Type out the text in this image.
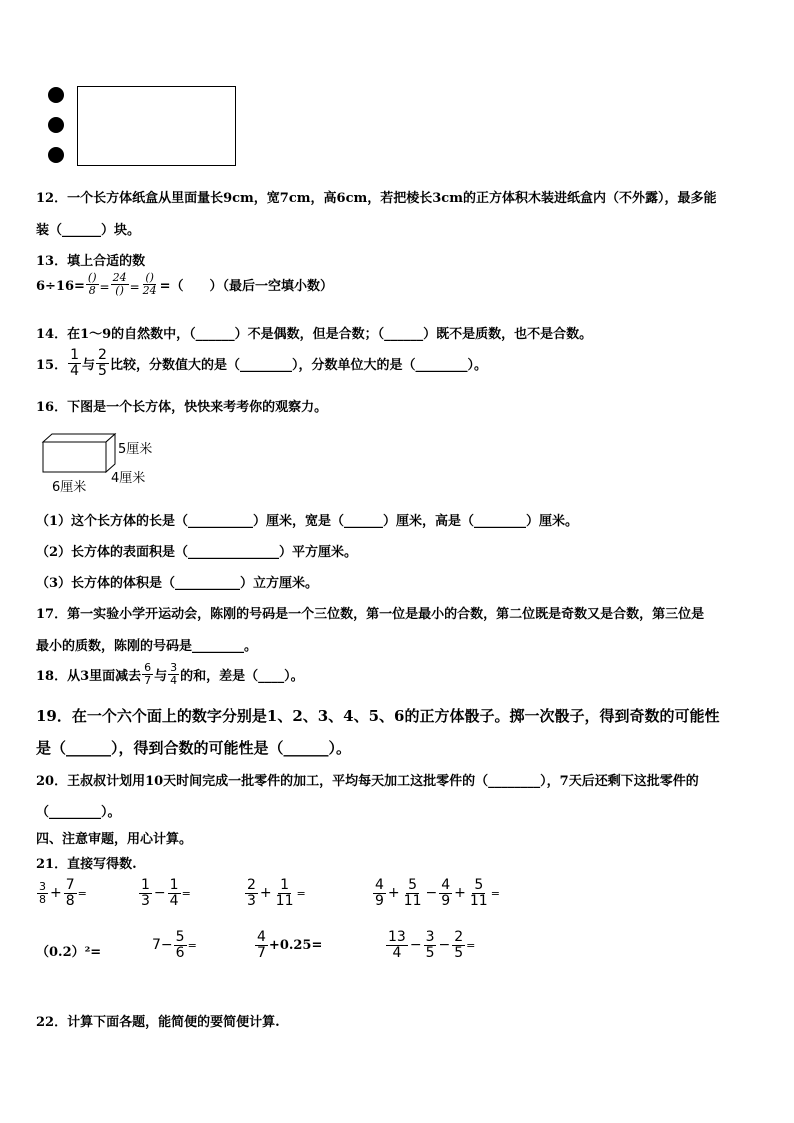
12．一个长方体纸盒从里面量长9cm，宽7cm，高6cm，若把棱长3cm的正方体积木装进纸盒内（不外露），最多能
装（______）块。
13．填上合适的数
$6\div 16= \frac{()}{8} = \frac{24}{()} = \frac{()}{24}$ =（　　）（最后一空填小数）
14．在1～9的自然数中，（______）不是偶数，但是合数；（______）既不是质数，也不是合数。
15． $\frac{1}{4}$ 与 $\frac{2}{5}$ 比较，分数值大的是（________），分数单位大的是（________）。
16．下图是一个长方体，快快来考考你的观察力。
5厘米
4厘米
6厘米
（1）这个长方体的长是（__________）厘米，宽是（______）厘米，高是（________）厘米。
（2）长方体的表面积是（______________）平方厘米。
（3）长方体的体积是（__________）立方厘米。
17．第一实验小学开运动会，陈刚的号码是一个三位数，第一位是最小的合数，第二位既是奇数又是合数，第三位是
最小的质数，陈刚的号码是________。
18．从3里面减去 $\frac{6}{7}$ 与 $\frac{3}{4}$ 的和，差是（____）。
19．在一个六个面上的数字分别是1、2、3、4、5、6的正方体骰子。掷一次骰子，得到奇数的可能性
是（______），得到合数的可能性是（______）。
20．王叔叔计划用10天时间完成一批零件的加工，平均每天加工这批零件的（________），7天后还剩下这批零件的
（________）。
四、注意审题，用心计算。
21．直接写得数.
$\frac{3}{8} + \frac{7}{8}$ =	$\frac{1}{3} - \frac{1}{4}$ =	$\frac{2}{3} + \frac{1}{11}$ =	$\frac{4}{9} + \frac{5}{11} - \frac{4}{9} + \frac{5}{11}$ =
（0.2）²=	$7- \frac{5}{6}$ =	$\frac{4}{7} +0.25=$	$\frac{13}{4} - \frac{3}{5} - \frac{2}{5}$ =
22．计算下面各题，能简便的要简便计算.
